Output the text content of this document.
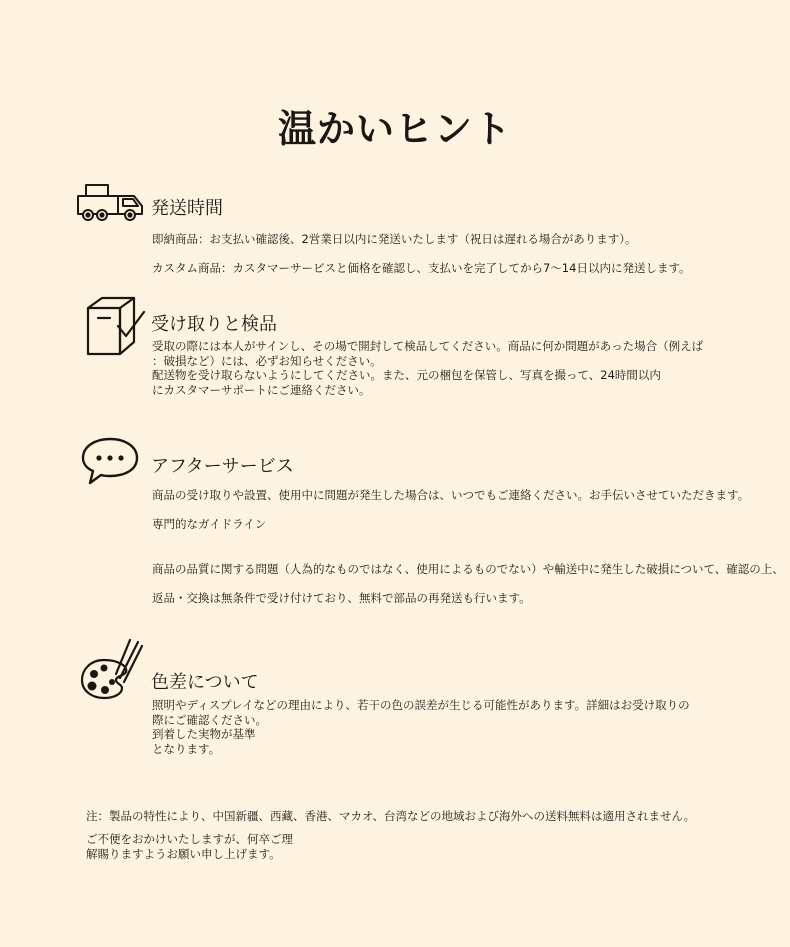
温かいヒント
発送時間
即納商品：お支払い確認後、2営業日以内に発送いたします（祝日は遅れる場合があります）。
カスタム商品：カスタマーサービスと価格を確認し、支払いを完了してから7〜14日以内に発送します。
受け取りと検品
受取の際には本人がサインし、その場で開封して検品してください。商品に何か問題があった場合（例えば
：破損など）には、必ずお知らせください。
配送物を受け取らないようにしてください。また、元の梱包を保管し、写真を撮って、24時間以内
にカスタマーサポートにご連絡ください。
アフターサービス
商品の受け取りや設置、使用中に問題が発生した場合は、いつでもご連絡ください。お手伝いさせていただきます。
専門的なガイドライン
商品の品質に関する問題（人為的なものではなく、使用によるものでない）や輸送中に発生した破損について、確認の上、
返品・交換は無条件で受け付けており、無料で部品の再発送も行います。
色差について
照明やディスプレイなどの理由により、若干の色の誤差が生じる可能性があります。詳細はお受け取りの
際にご確認ください。
到着した実物が基準
となります。
注：製品の特性により、中国新疆、西藏、香港、マカオ、台湾などの地域および海外への送料無料は適用されません。
ご不便をおかけいたしますが、何卒ご理
解賜りますようお願い申し上げます。
